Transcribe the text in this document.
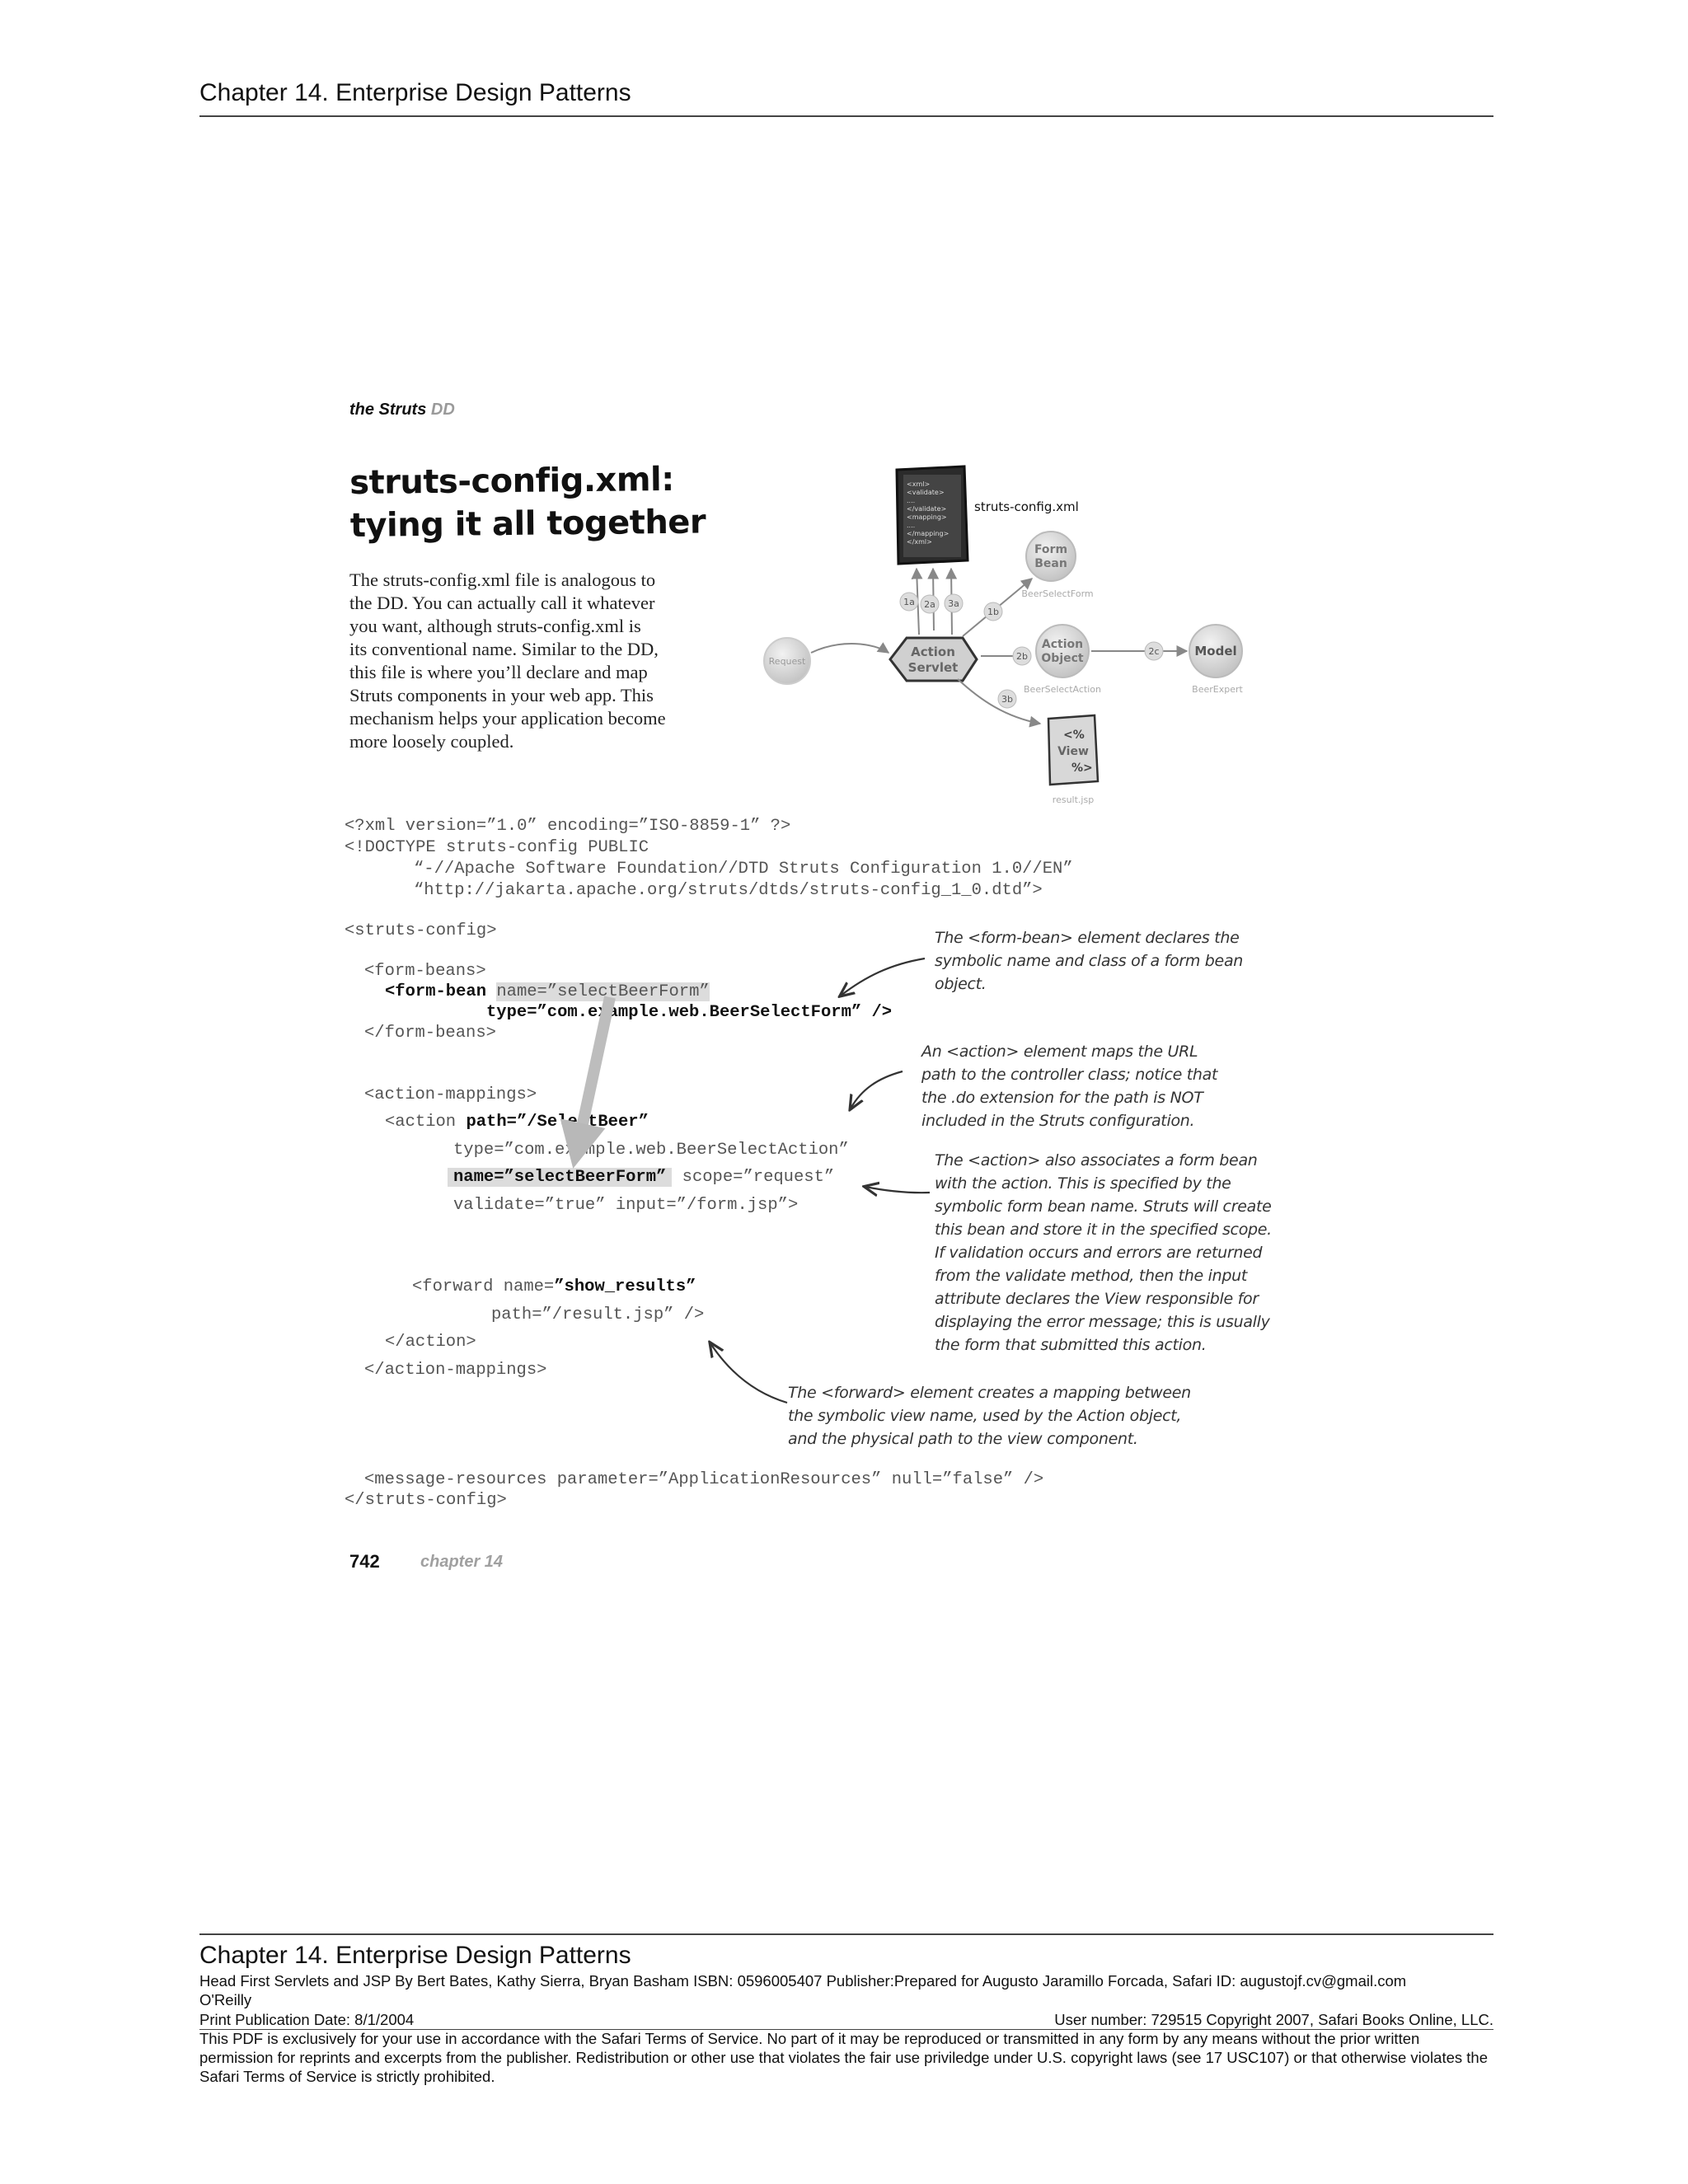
Chapter 14. Enterprise Design Patterns
the Struts DD
struts-config.xml:
tying it all together
The struts-config.xml file is analogous to
the DD. You can actually call it whatever
you want, although struts-config.xml is
its conventional name. Similar to the DD,
this file is where you’ll declare and map
Struts components in your web app. This
mechanism helps your application become
more loosely coupled.
<xml>
<validate>
....
</validate>
<mapping>
....
</mapping>
</xml>
struts-config.xml
1a 2a 3a
Form
Bean
BeerSelectForm
1b
Request
Action
Servlet
2b
Action
Object
BeerSelectAction
2c	Model
BeerExpert
3b
<%
View
%>
result.jsp
<?xml version=”1.0” encoding=”ISO-8859-1” ?>
<!DOCTYPE struts-config PUBLIC
“-//Apache Software Foundation//DTD Struts Configuration 1.0//EN”
“http://jakarta.apache.org/struts/dtds/struts-config_1_0.dtd”>
<struts-config>
<form-beans>
<form-bean name=”selectBeerForm”
type=”com.example.web.BeerSelectForm” />
</form-beans>
<action-mappings>
<action path=”/SelectBeer”
type=”com.example.web.BeerSelectAction”
name=”selectBeerForm” scope=”request”
validate=”true” input=”/form.jsp”>
<forward name=”show_results”
path=”/result.jsp” />
</action>
</action-mappings>
<message-resources parameter=”ApplicationResources” null=”false” />
</struts-config>
The <form-bean> element declares the
symbolic name and class of a form bean
object.
An <action> element maps the URL
path to the controller class; notice that
the .do extension for the path is NOT
included in the Struts configuration.
The <action> also associates a form bean
with the action. This is specified by the
symbolic form bean name. Struts will create
this bean and store it in the specified scope.
If validation occurs and errors are returned
from the validate method, then the input
attribute declares the View responsible for
displaying the error message; this is usually
the form that submitted this action.
The <forward> element creates a mapping between
the symbolic view name, used by the Action object,
and the physical path to the view component.
742 chapter 14
Chapter 14. Enterprise Design Patterns
Head First Servlets and JSP By Bert Bates, Kathy Sierra, Bryan Basham ISBN: 0596005407 Publisher:Prepared for Augusto Jaramillo Forcada, Safari ID: augustojf.cv@gmail.com
O'Reilly
Print Publication Date: 8/1/2004	User number: 729515 Copyright 2007, Safari Books Online, LLC.
This PDF is exclusively for your use in accordance with the Safari Terms of Service. No part of it may be reproduced or transmitted in any form by any means without the prior written permission for reprints and excerpts from the publisher. Redistribution or other use that violates the fair use priviledge under U.S. copyright laws (see 17 USC107) or that otherwise violates the Safari Terms of Service is strictly prohibited.
